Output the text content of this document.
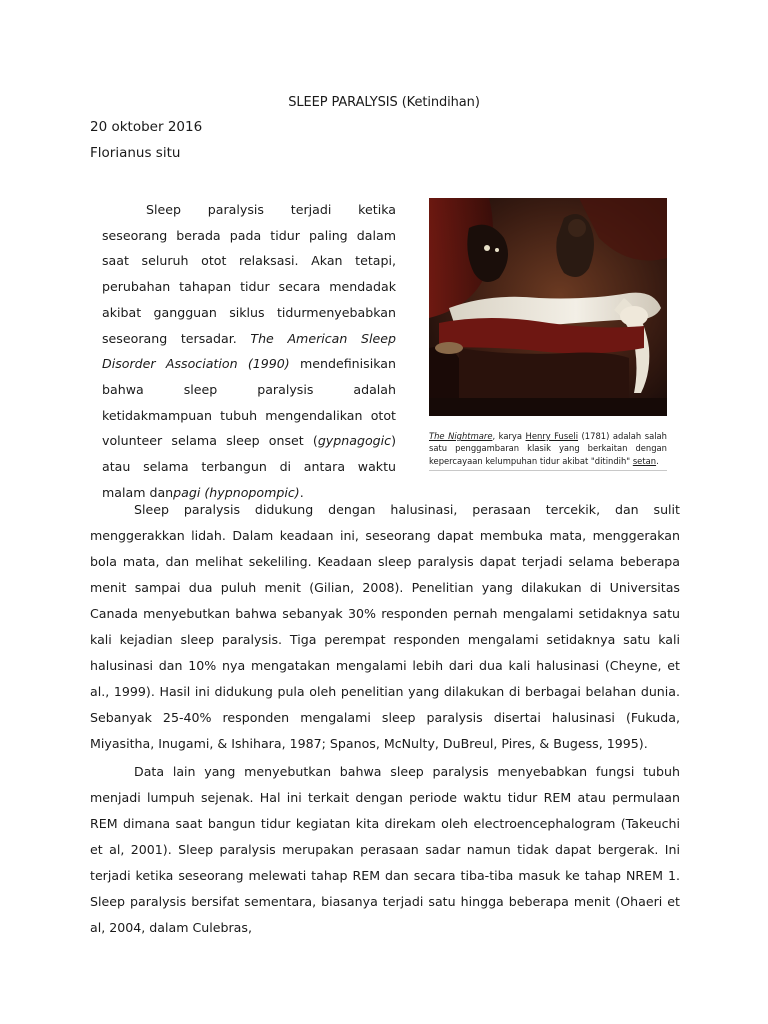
SLEEP PARALYSIS (Ketindihan)
20 oktober 2016
Florianus situ
Sleep paralysis terjadi ketika seseorang berada pada tidur paling dalam saat seluruh otot relaksasi. Akan tetapi, perubahan tahapan tidur secara mendadak akibat gangguan siklus tidurmenyebabkan seseorang tersadar. The American Sleep Disorder Association (1990) mendefinisikan bahwa sleep paralysis adalah ketidakmampuan tubuh mengendalikan otot volunteer selama sleep onset (gypnagogic) atau selama terbangun di antara waktu malam danpagi (hypnopompic).
The Nightmare, karya Henry Fuseli (1781) adalah salah satu penggambaran klasik yang berkaitan dengan kepercayaan kelumpuhan tidur akibat "ditindih" setan.
Sleep paralysis didukung dengan halusinasi, perasaan tercekik, dan sulit menggerakkan lidah. Dalam keadaan ini, seseorang dapat membuka mata, menggerakan bola mata, dan melihat sekeliling. Keadaan sleep paralysis dapat terjadi selama beberapa menit sampai dua puluh menit (Gilian, 2008). Penelitian yang dilakukan di Universitas Canada menyebutkan bahwa sebanyak 30% responden pernah mengalami setidaknya satu kali kejadian sleep paralysis. Tiga perempat responden mengalami setidaknya satu kali halusinasi dan 10% nya mengatakan mengalami lebih dari dua kali halusinasi (Cheyne, et al., 1999). Hasil ini didukung pula oleh penelitian yang dilakukan di berbagai belahan dunia. Sebanyak 25-40% responden mengalami sleep paralysis disertai halusinasi (Fukuda, Miyasitha, Inugami, & Ishihara, 1987; Spanos, McNulty, DuBreul, Pires, & Bugess, 1995).
Data lain yang menyebutkan bahwa sleep paralysis menyebabkan fungsi tubuh menjadi lumpuh sejenak. Hal ini terkait dengan periode waktu tidur REM atau permulaan REM dimana saat bangun tidur kegiatan kita direkam oleh electroencephalogram (Takeuchi et al, 2001). Sleep paralysis merupakan perasaan sadar namun tidak dapat bergerak. Ini terjadi ketika seseorang melewati tahap REM dan secara tiba-tiba masuk ke tahap NREM 1. Sleep paralysis bersifat sementara, biasanya terjadi satu hingga beberapa menit (Ohaeri et al, 2004, dalam Culebras,
